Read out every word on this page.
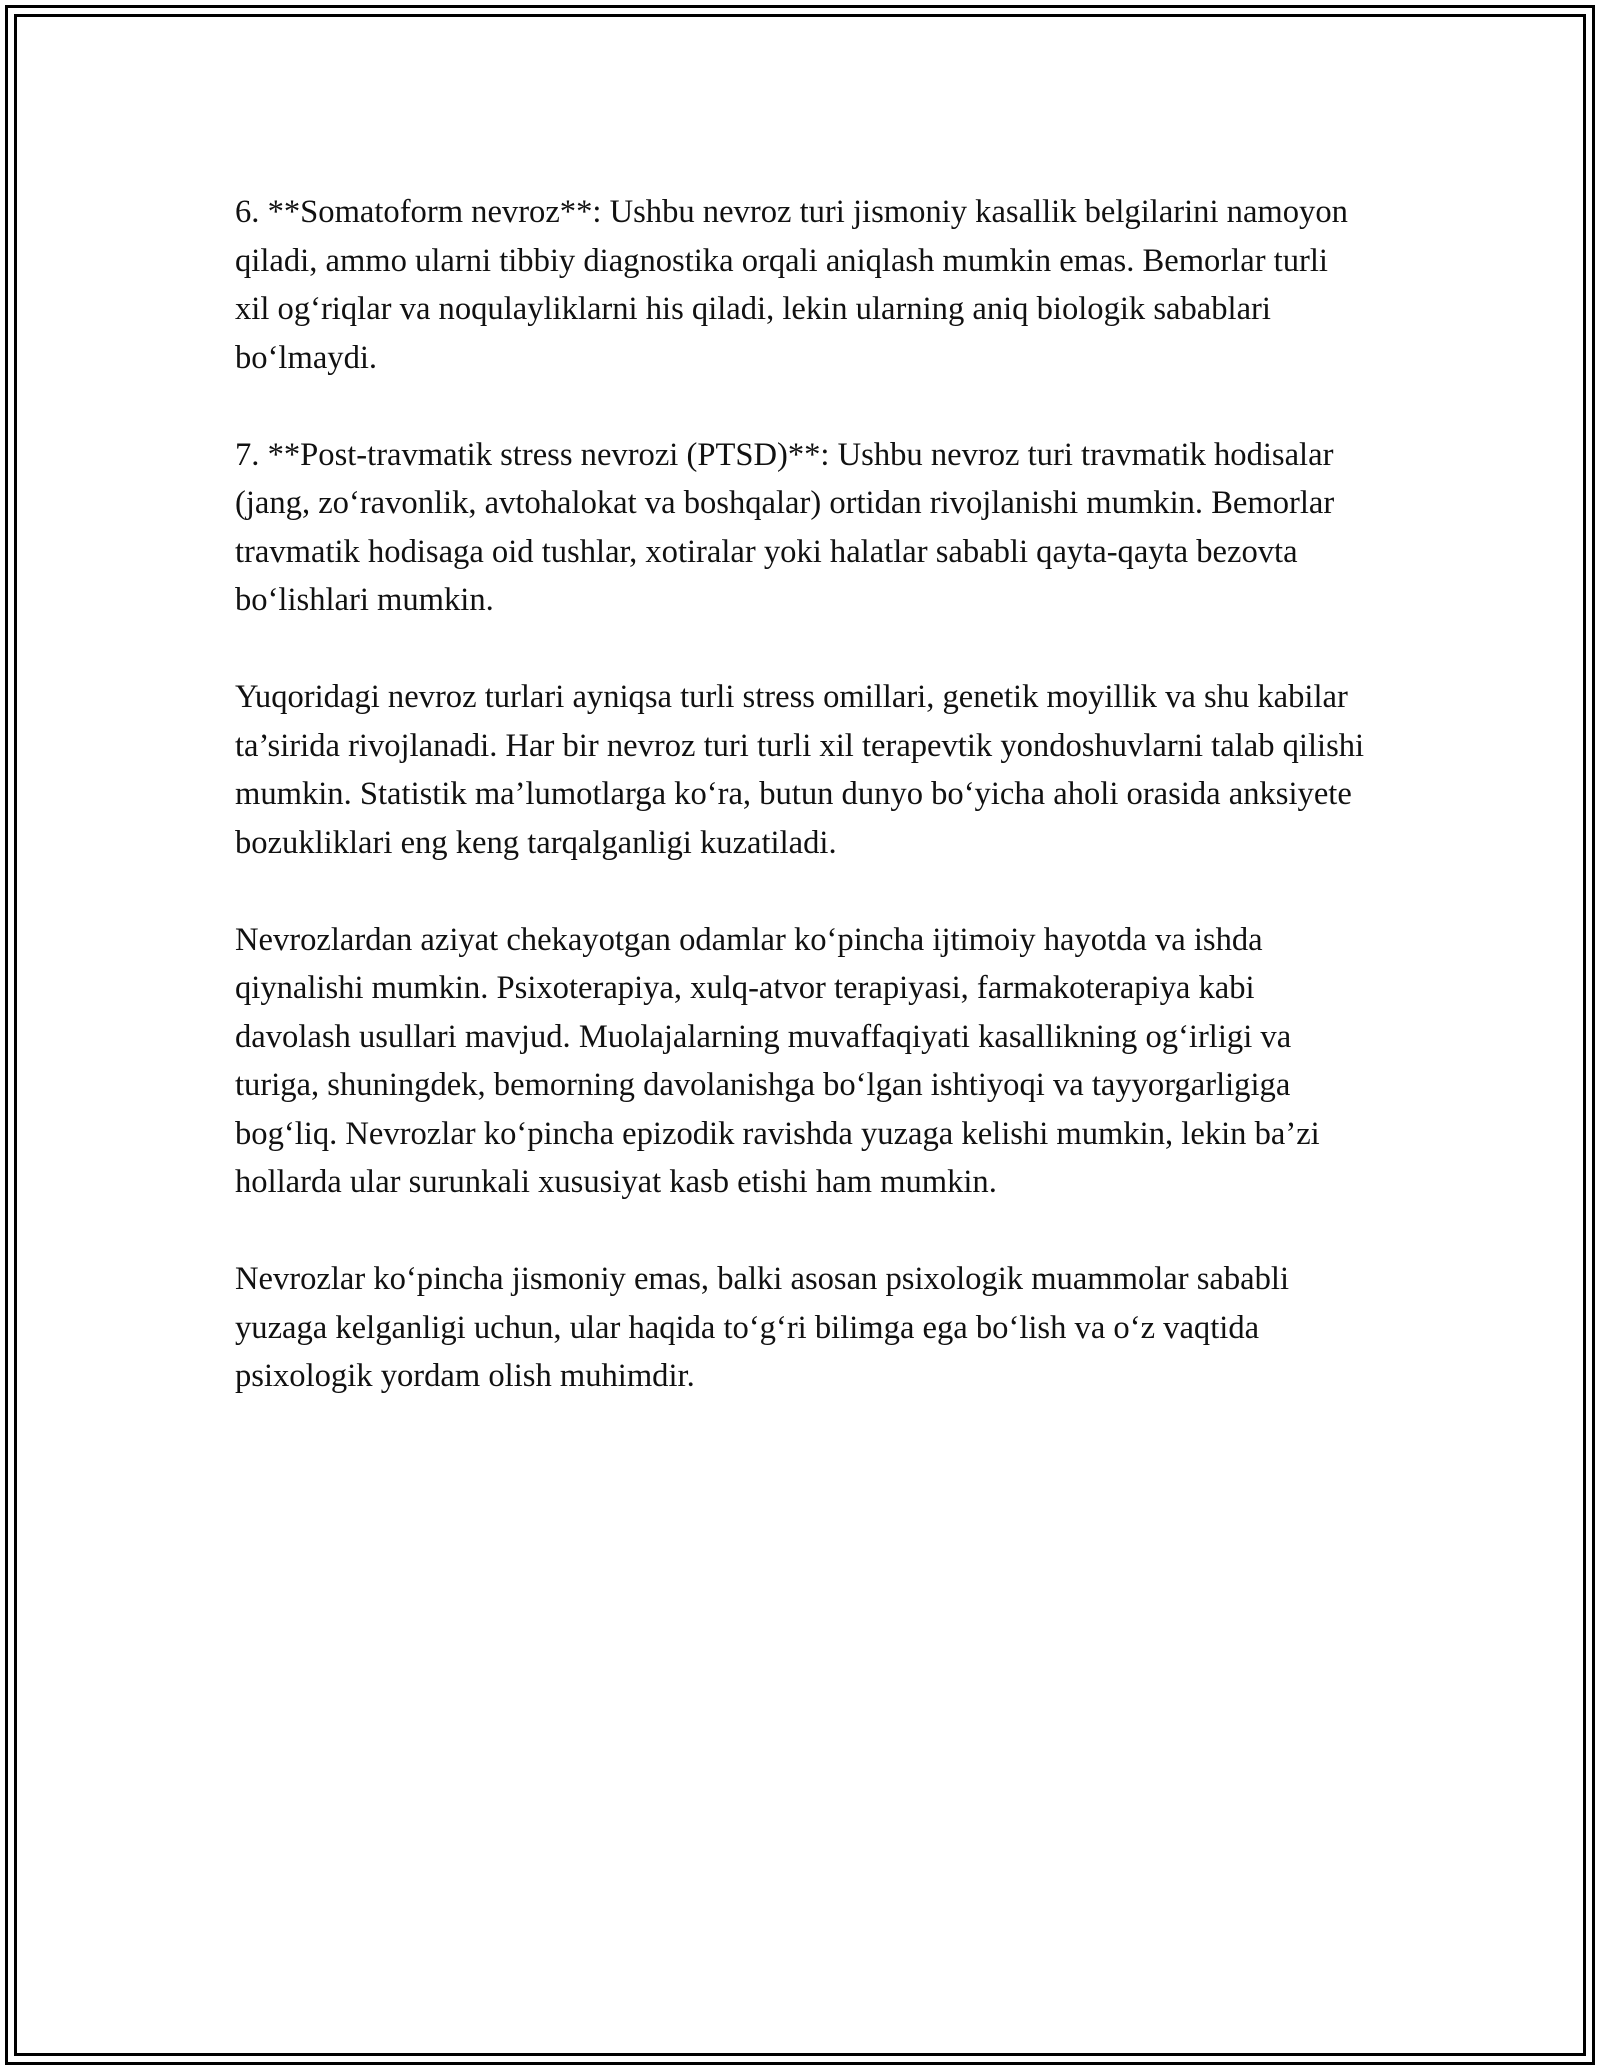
6. **Somatoform nevroz**: Ushbu nevroz turi jismoniy kasallik belgilarini namoyon qiladi, ammo ularni tibbiy diagnostika orqali aniqlash mumkin emas. Bemorlar turli xil og‘riqlar va noqulayliklarni his qiladi, lekin ularning aniq biologik sabablari bo‘lmaydi.

7. **Post-travmatik stress nevrozi (PTSD)**: Ushbu nevroz turi travmatik hodisalar (jang, zo‘ravonlik, avtohalokat va boshqalar) ortidan rivojlanishi mumkin. Bemorlar travmatik hodisaga oid tushlar, xotiralar yoki halatlar sababli qayta-qayta bezovta bo‘lishlari mumkin.

Yuqoridagi nevroz turlari ayniqsa turli stress omillari, genetik moyillik va shu kabilar ta’sirida rivojlanadi. Har bir nevroz turi turli xil terapevtik yondoshuvlarni talab qilishi mumkin. Statistik ma’lumotlarga ko‘ra, butun dunyo bo‘yicha aholi orasida anksiyete bozukliklari eng keng tarqalganligi kuzatiladi.

Nevrozlardan aziyat chekayotgan odamlar ko‘pincha ijtimoiy hayotda va ishda qiynalishi mumkin. Psixoterapiya, xulq-atvor terapiyasi, farmakoterapiya kabi davolash usullari mavjud. Muolajalarning muvaffaqiyati kasallikning og‘irligi va turiga, shuningdek, bemorning davolanishga bo‘lgan ishtiyoqi va tayyorgarligiga bog‘liq. Nevrozlar ko‘pincha epizodik ravishda yuzaga kelishi mumkin, lekin ba’zi hollarda ular surunkali xususiyat kasb etishi ham mumkin.

Nevrozlar ko‘pincha jismoniy emas, balki asosan psixologik muammolar sababli yuzaga kelganligi uchun, ular haqida to‘g‘ri bilimga ega bo‘lish va o‘z vaqtida psixologik yordam olish muhimdir.
